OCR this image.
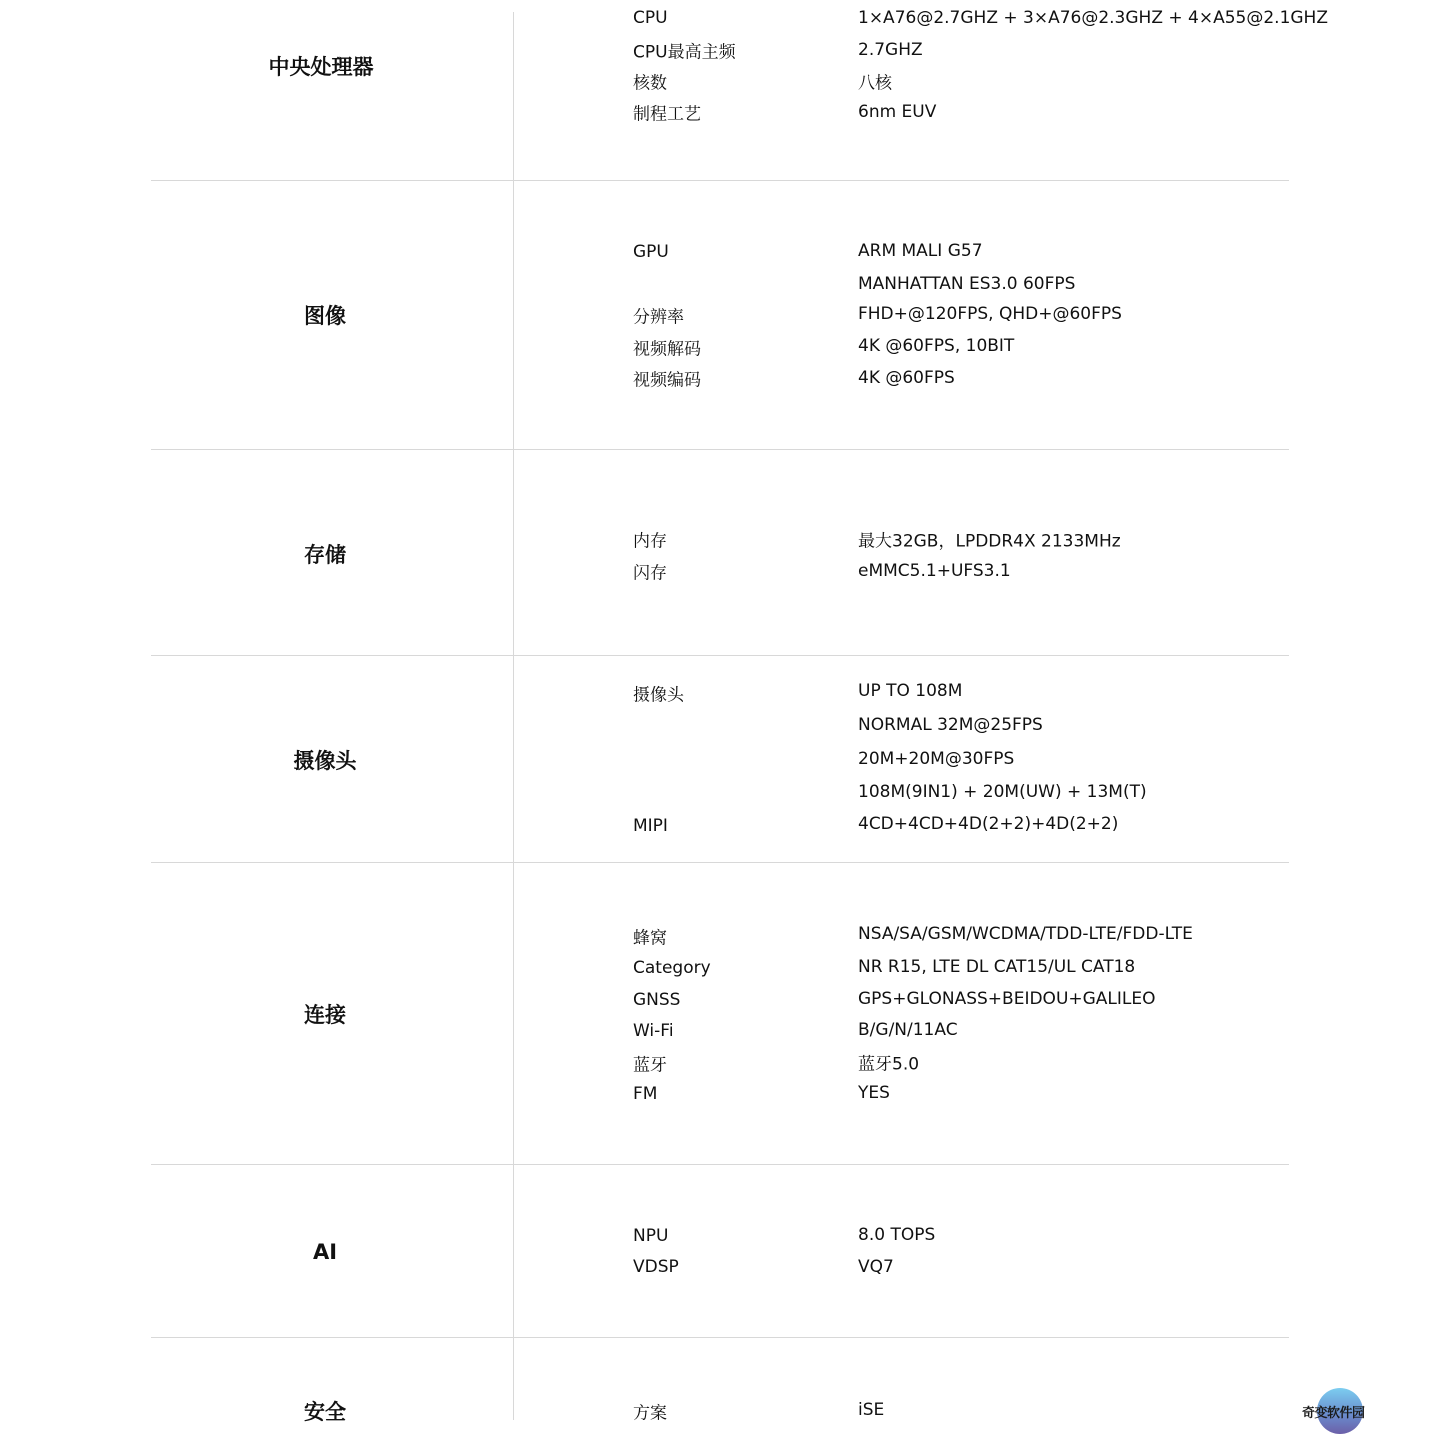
中央处理器
CPU	1×A76@2.7GHZ + 3×A76@2.3GHZ + 4×A55@2.1GHZ
CPU最高主频	2.7GHZ
核数	八核
制程工艺	6nm EUV
图像
GPU	ARM MALI G57
MANHATTAN ES3.0 60FPS
分辨率	FHD+@120FPS, QHD+@60FPS
视频解码	4K @60FPS, 10BIT
视频编码	4K @60FPS
存储
内存	最大32GB，LPDDR4X 2133MHz
闪存	eMMC5.1+UFS3.1
摄像头
摄像头	UP TO 108M
NORMAL 32M@25FPS
20M+20M@30FPS
108M(9IN1) + 20M(UW) + 13M(T)
MIPI	4CD+4CD+4D(2+2)+4D(2+2)
连接
蜂窝	NSA/SA/GSM/WCDMA/TDD-LTE/FDD-LTE
Category	NR R15, LTE DL CAT15/UL CAT18
GNSS	GPS+GLONASS+BEIDOU+GALILEO
Wi-Fi	B/G/N/11AC
蓝牙	蓝牙5.0
FM	YES
AI
NPU	8.0 TOPS
VDSP	VQ7
安全	方案	iSE	奇变软件园
